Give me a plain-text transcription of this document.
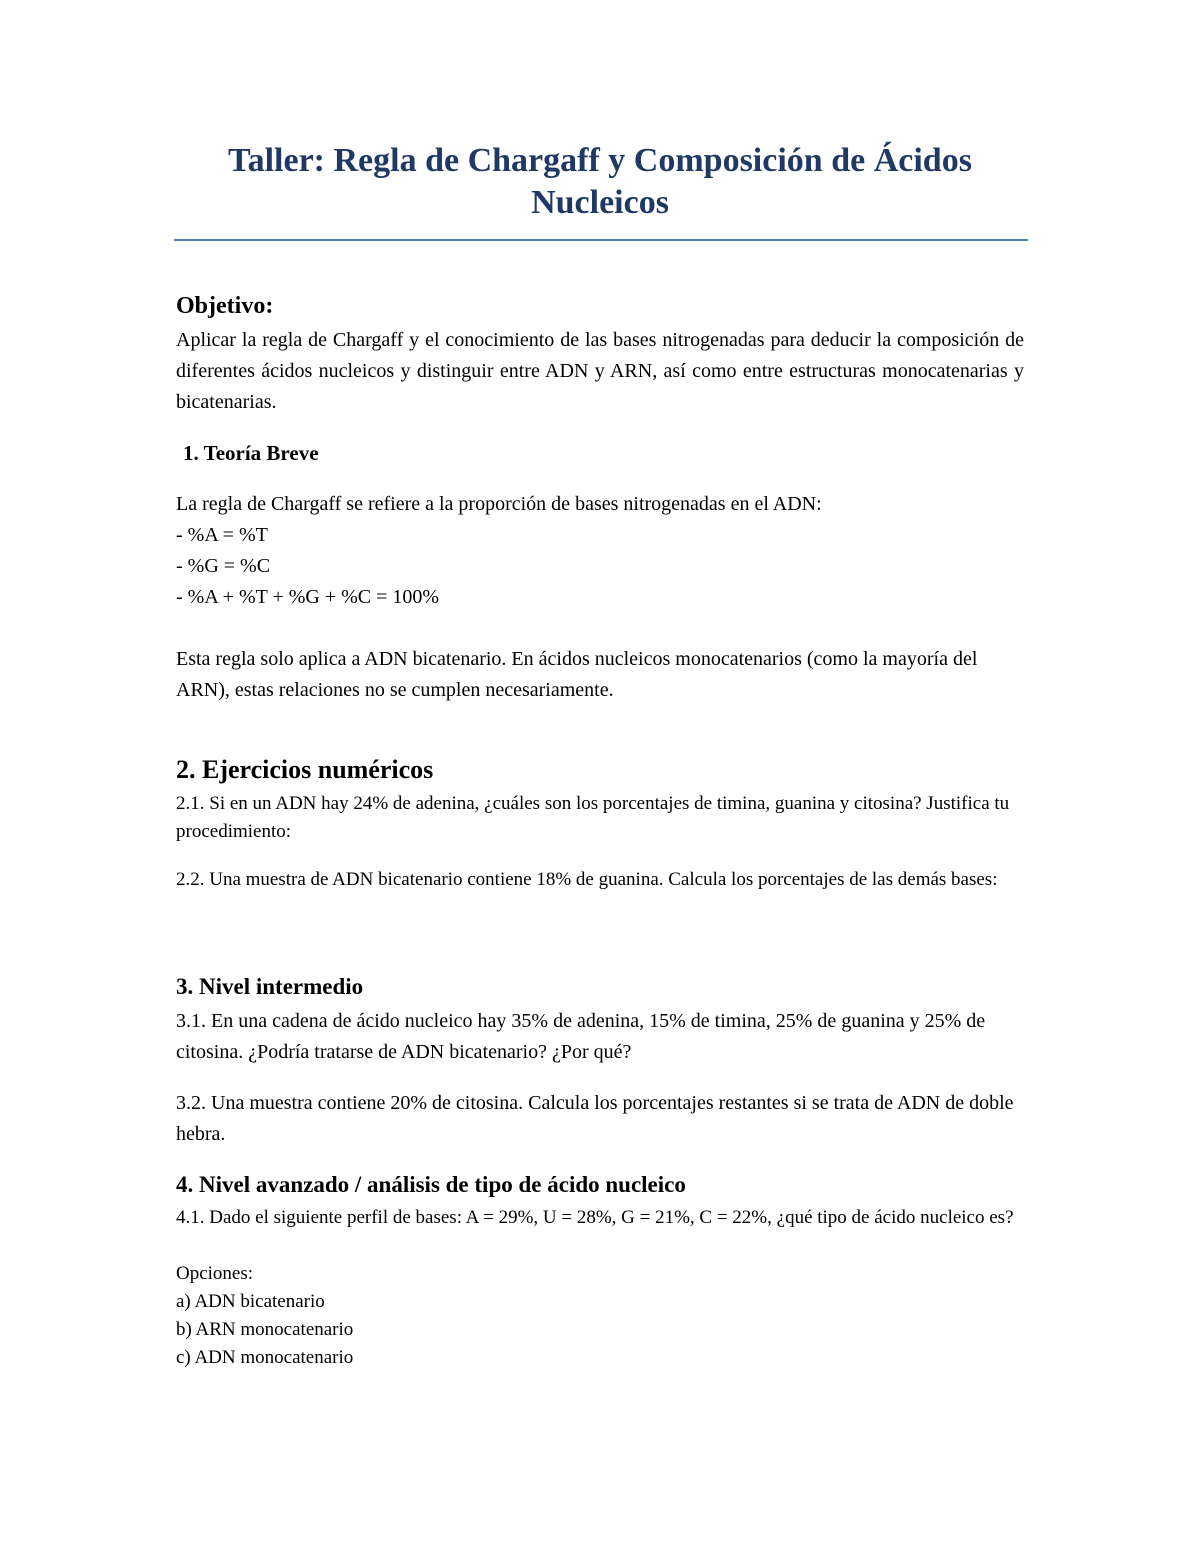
Taller: Regla de Chargaff y Composición de Ácidos Nucleicos
Objetivo:

Aplicar la regla de Chargaff y el conocimiento de las bases nitrogenadas para deducir la composición de diferentes ácidos nucleicos y distinguir entre ADN y ARN, así como entre estructuras monocatenarias y bicatenarias.

1. Teoría Breve

La regla de Chargaff se refiere a la proporción de bases nitrogenadas en el ADN:

- %A = %T
- %G = %C
- %A + %T + %G + %C = 100%

Esta regla solo aplica a ADN bicatenario. En ácidos nucleicos monocatenarios (como la mayoría del ARN), estas relaciones no se cumplen necesariamente.

2. Ejercicios numéricos

2.1. Si en un ADN hay 24% de adenina, ¿cuáles son los porcentajes de timina, guanina y citosina? Justifica tu procedimiento:

2.2. Una muestra de ADN bicatenario contiene 18% de guanina. Calcula los porcentajes de las demás bases:

3. Nivel intermedio

3.1. En una cadena de ácido nucleico hay 35% de adenina, 15% de timina, 25% de guanina y 25% de citosina. ¿Podría tratarse de ADN bicatenario? ¿Por qué?

3.2. Una muestra contiene 20% de citosina. Calcula los porcentajes restantes si se trata de ADN de doble hebra.

4. Nivel avanzado / análisis de tipo de ácido nucleico

4.1. Dado el siguiente perfil de bases: A = 29%, U = 28%, G = 21%, C = 22%, ¿qué tipo de ácido nucleico es?

Opciones:
a) ADN bicatenario
b) ARN monocatenario
c) ADN monocatenario
